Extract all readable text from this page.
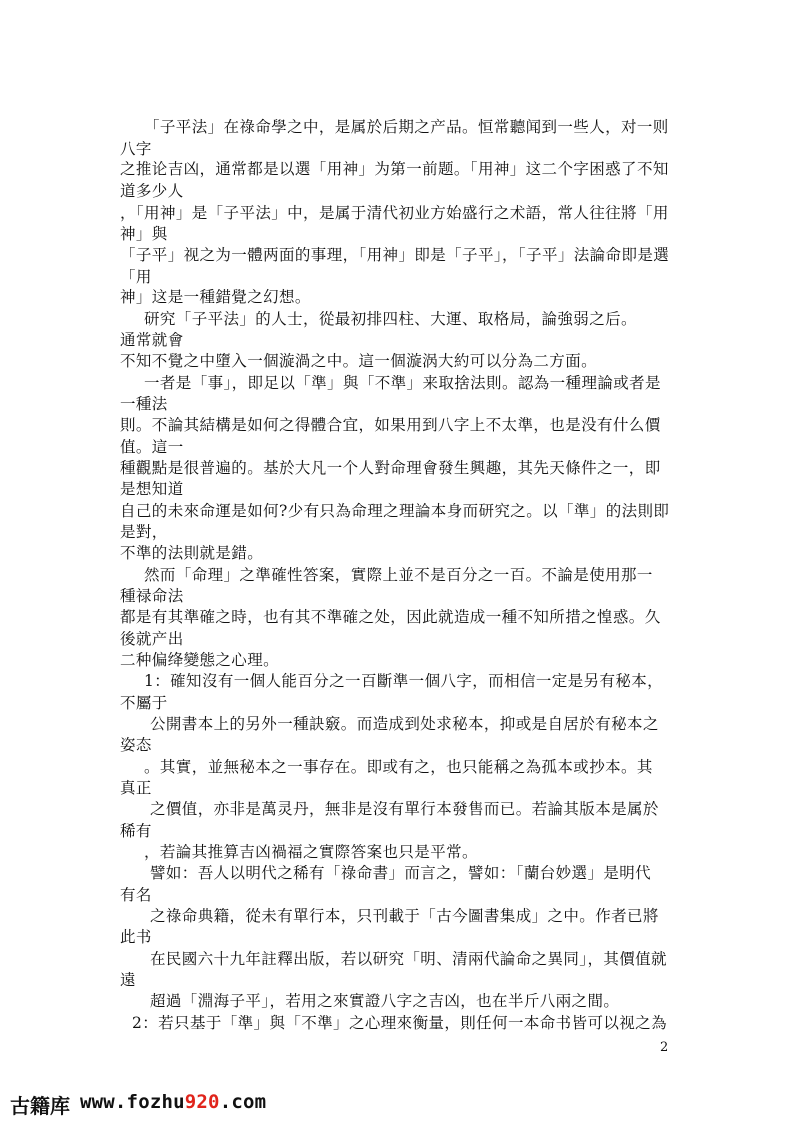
「子平法」在祿命學之中，是属於后期之产品。恒常聽闻到一些人，对一则
八字
之推论吉凶，通常都是以選「用神」为第一前题。「用神」这二个字困惑了不知
道多少人
，「用神」是「子平法」中，是属于清代初业方始盛行之术語，常人往往將「用
神」與
「子平」视之为一體两面的事理，「用神」即是「子平」，「子平」法論命即是選
「用
神」这是一種錯覺之幻想。
研究「子平法」的人士，從最初排四柱、大運、取格局，論強弱之后。
通常就會
不知不覺之中墮入一個漩渦之中。這一個漩涡大約可以分為二方面。
一者是「事」，即足以「準」與「不準」来取捨法則。認為一種理論或者是
一種法
則。不論其結構是如何之得體合宜，如果用到八字上不太準，也是没有什么價
值。這一
種觀點是很普遍的。基於大凡一个人對命理會發生興趣，其先天條件之一，即
是想知道
自己的未來命運是如何?少有只為命理之理論本身而研究之。以「準」的法則即
是對，
不準的法則就是錯。
然而「命理」之準確性答案，實際上並不是百分之一百。不論是使用那一
種禄命法
都是有其準確之時，也有其不準確之处，因此就造成一種不知所措之惶惑。久
後就产出
二种偏绛變態之心理。
1：確知沒有一個人能百分之一百斷準一個八字，而相信一定是另有秘本，
不屬于
公開書本上的另外一種訣竅。而造成到处求秘本，抑或是自居於有秘本之
姿态
。其實，並無秘本之一事存在。即或有之，也只能稱之為孤本或抄本。其
真正
之價值，亦非是萬灵丹，無非是沒有單行本發售而已。若論其版本是属於
稀有
，若論其推算吉凶禍福之實際答案也只是平常。
譬如：吾人以明代之稀有「祿命書」而言之，譬如：「蘭台妙選」是明代
有名
之祿命典籍，從未有單行本，只刊載于「古今圖書集成」之中。作者已將
此书
在民國六十九年註釋出版，若以研究「明、清兩代論命之異同」，其價值就
遠
超過「淵海子平」，若用之來實證八字之吉凶，也在半斤八兩之間。
2：若只基于「準」與「不準」之心理來衡量，則任何一本命书皆可以视之為
2
古籍库 www.fozhu920.com
